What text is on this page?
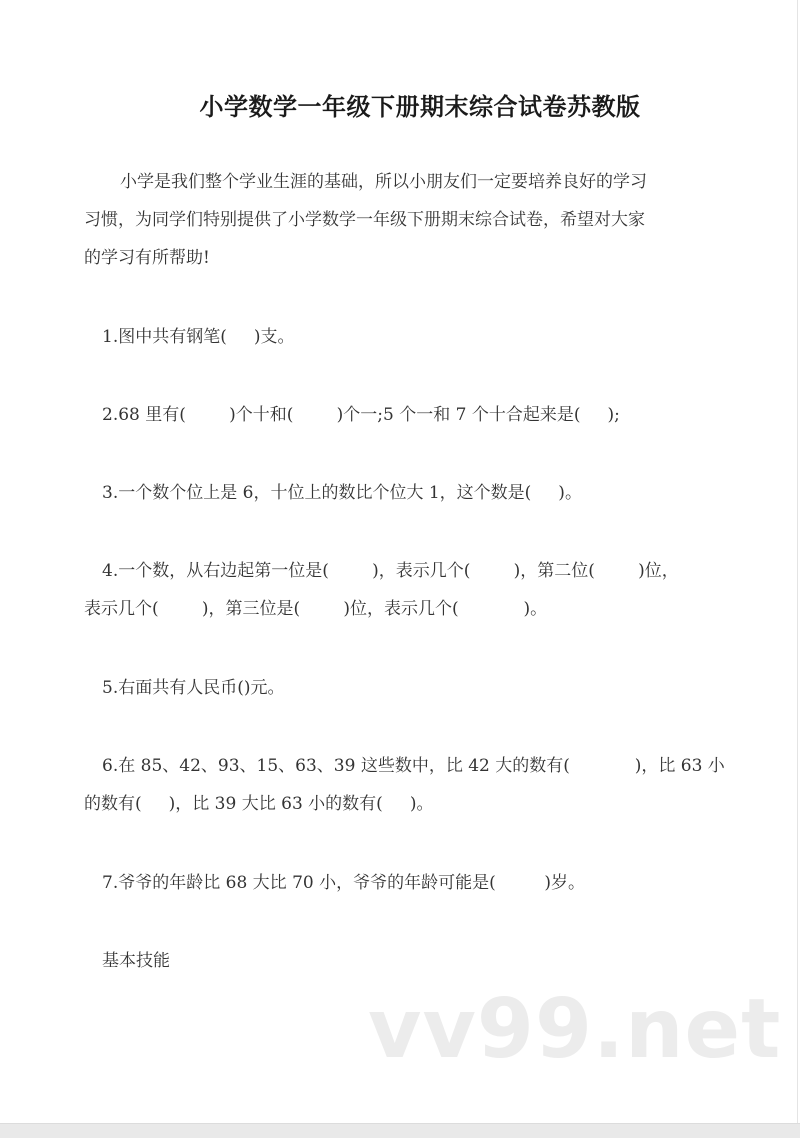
小学数学一年级下册期末综合试卷苏教版
小学是我们整个学业生涯的基础，所以小朋友们一定要培养良好的学习
习惯，为同学们特别提供了小学数学一年级下册期末综合试卷，希望对大家
的学习有所帮助!
1.图中共有钢笔(     )支。
2.68 里有(        )个十和(        )个一;5 个一和 7 个十合起来是(     );
3.一个数个位上是 6，十位上的数比个位大 1，这个数是(     )。
4.一个数，从右边起第一位是(        )，表示几个(        )，第二位(        )位，
表示几个(        )，第三位是(        )位，表示几个(            )。
5.右面共有人民币()元。
6.在 85、42、93、15、63、39 这些数中，比 42 大的数有(            )，比 63 小
的数有(     )，比 39 大比 63 小的数有(     )。
7.爷爷的年龄比 68 大比 70 小，爷爷的年龄可能是(         )岁。
基本技能
vv99.net
